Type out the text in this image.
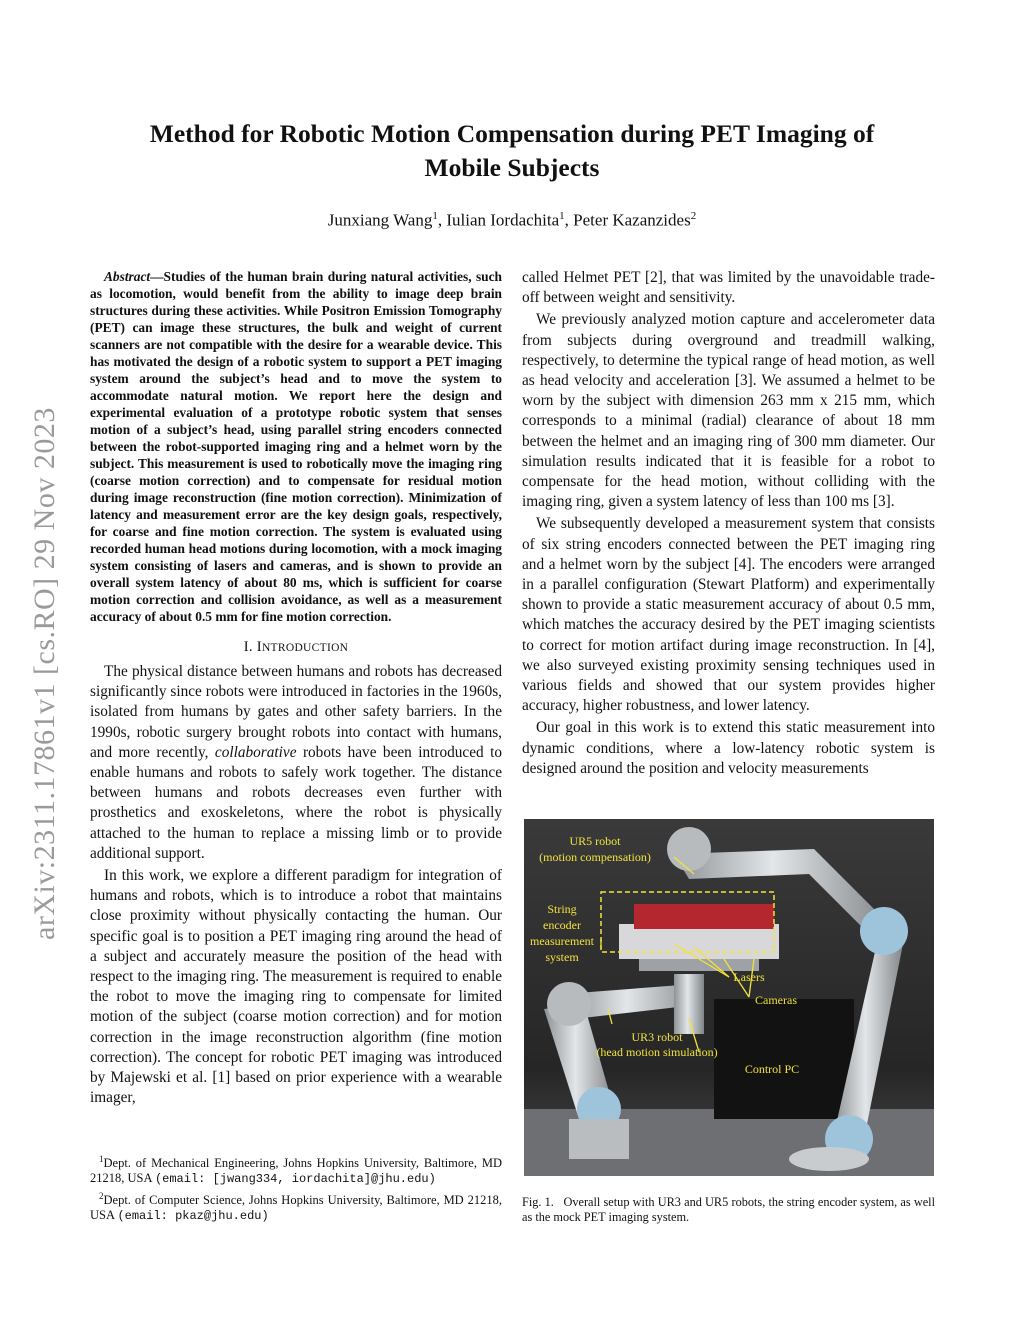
arXiv:2311.17861v1 [cs.RO] 29 Nov 2023
Method for Robotic Motion Compensation during PET Imaging of Mobile Subjects
Junxiang Wang$^1$, Iulian Iordachita$^1$, Peter Kazanzides$^2$

Abstract—Studies of the human brain during natural activities, such as locomotion, would benefit from the ability to image deep brain structures during these activities. While Positron Emission Tomography (PET) can image these structures, the bulk and weight of current scanners are not compatible with the desire for a wearable device. This has motivated the design of a robotic system to support a PET imaging system around the subject’s head and to move the system to accommodate natural motion. We report here the design and experimental evaluation of a prototype robotic system that senses motion of a subject’s head, using parallel string encoders connected between the robot-supported imaging ring and a helmet worn by the subject. This measurement is used to robotically move the imaging ring (coarse motion correction) and to compensate for residual motion during image reconstruction (fine motion correction). Minimization of latency and measurement error are the key design goals, respectively, for coarse and fine motion correction. The system is evaluated using recorded human head motions during locomotion, with a mock imaging system consisting of lasers and cameras, and is shown to provide an overall system latency of about 80 ms, which is sufficient for coarse motion correction and collision avoidance, as well as a measurement accuracy of about 0.5 mm for fine motion correction.

I. INTRODUCTION

The physical distance between humans and robots has decreased significantly since robots were introduced in factories in the 1960s, isolated from humans by gates and other safety barriers. In the 1990s, robotic surgery brought robots into contact with humans, and more recently, collaborative robots have been introduced to enable humans and robots to safely work together. The distance between humans and robots decreases even further with prosthetics and exoskeletons, where the robot is physically attached to the human to replace a missing limb or to provide additional support.

In this work, we explore a different paradigm for integration of humans and robots, which is to introduce a robot that maintains close proximity without physically contacting the human. Our specific goal is to position a PET imaging ring around the head of a subject and accurately measure the position of the head with respect to the imaging ring. The measurement is required to enable the robot to move the imaging ring to compensate for limited motion of the subject (coarse motion correction) and for motion correction in the image reconstruction algorithm (fine motion correction). The concept for robotic PET imaging was introduced by Majewski et al. [1] based on prior experience with a wearable imager,

called Helmet PET [2], that was limited by the unavoidable trade-off between weight and sensitivity.

We previously analyzed motion capture and accelerometer data from subjects during overground and treadmill walking, respectively, to determine the typical range of head motion, as well as head velocity and acceleration [3]. We assumed a helmet to be worn by the subject with dimension 263 mm x 215 mm, which corresponds to a minimal (radial) clearance of about 18 mm between the helmet and an imaging ring of 300 mm diameter. Our simulation results indicated that it is feasible for a robot to compensate for the head motion, without colliding with the imaging ring, given a system latency of less than 100 ms [3].

We subsequently developed a measurement system that consists of six string encoders connected between the PET imaging ring and a helmet worn by the subject [4]. The encoders were arranged in a parallel configuration (Stewart Platform) and experimentally shown to provide a static measurement accuracy of about 0.5 mm, which matches the accuracy desired by the PET imaging scientists to correct for motion artifact during image reconstruction. In [4], we also surveyed existing proximity sensing techniques used in various fields and showed that our system provides higher accuracy, higher robustness, and lower latency.

Our goal in this work is to extend this static measurement into dynamic conditions, where a low-latency robotic system is designed around the position and velocity measurements

UR5 robot
(motion compensation)
String
encoder
measurement
system
Lasers
Cameras
UR3 robot
(head motion simulation)
Control PC
Fig. 1. Overall setup with UR3 and UR5 robots, the string encoder system, as well as the mock PET imaging system.

$^1$Dept. of Mechanical Engineering, Johns Hopkins University, Baltimore, MD 21218, USA (email: [jwang334, iordachita]@jhu.edu)

$^2$Dept. of Computer Science, Johns Hopkins University, Baltimore, MD 21218, USA (email: pkaz@jhu.edu)
